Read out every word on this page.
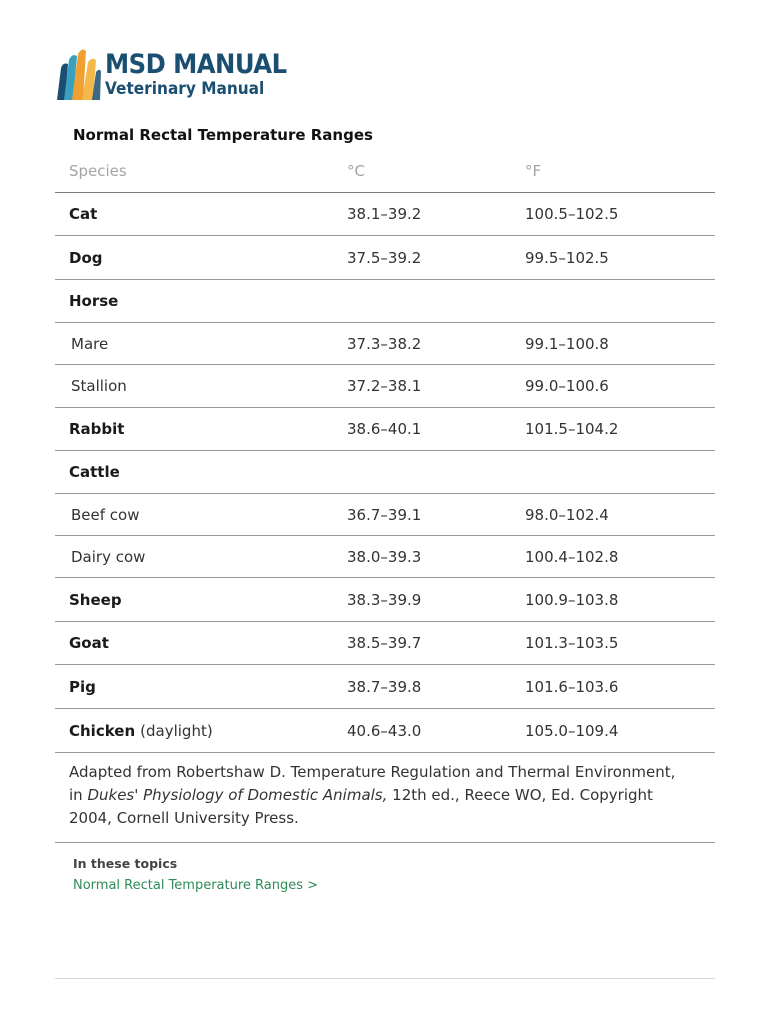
MSD MANUAL
Veterinary Manual
Normal Rectal Temperature Ranges
Species	°C	°F
Cat	38.1–39.2	100.5–102.5
Dog	37.5–39.2	99.5–102.5
Horse
Mare	37.3–38.2	99.1–100.8
Stallion	37.2–38.1	99.0–100.6
Rabbit	38.6–40.1	101.5–104.2
Cattle
Beef cow	36.7–39.1	98.0–102.4
Dairy cow	38.0–39.3	100.4–102.8
Sheep	38.3–39.9	100.9–103.8
Goat	38.5–39.7	101.3–103.5
Pig	38.7–39.8	101.6–103.6
Chicken (daylight)	40.6–43.0	105.0–109.4
Adapted from Robertshaw D. Temperature Regulation and Thermal Environment, in Dukes' Physiology of Domestic Animals, 12th ed., Reece WO, Ed. Copyright 2004, Cornell University Press.
In these topics
Normal Rectal Temperature Ranges >
